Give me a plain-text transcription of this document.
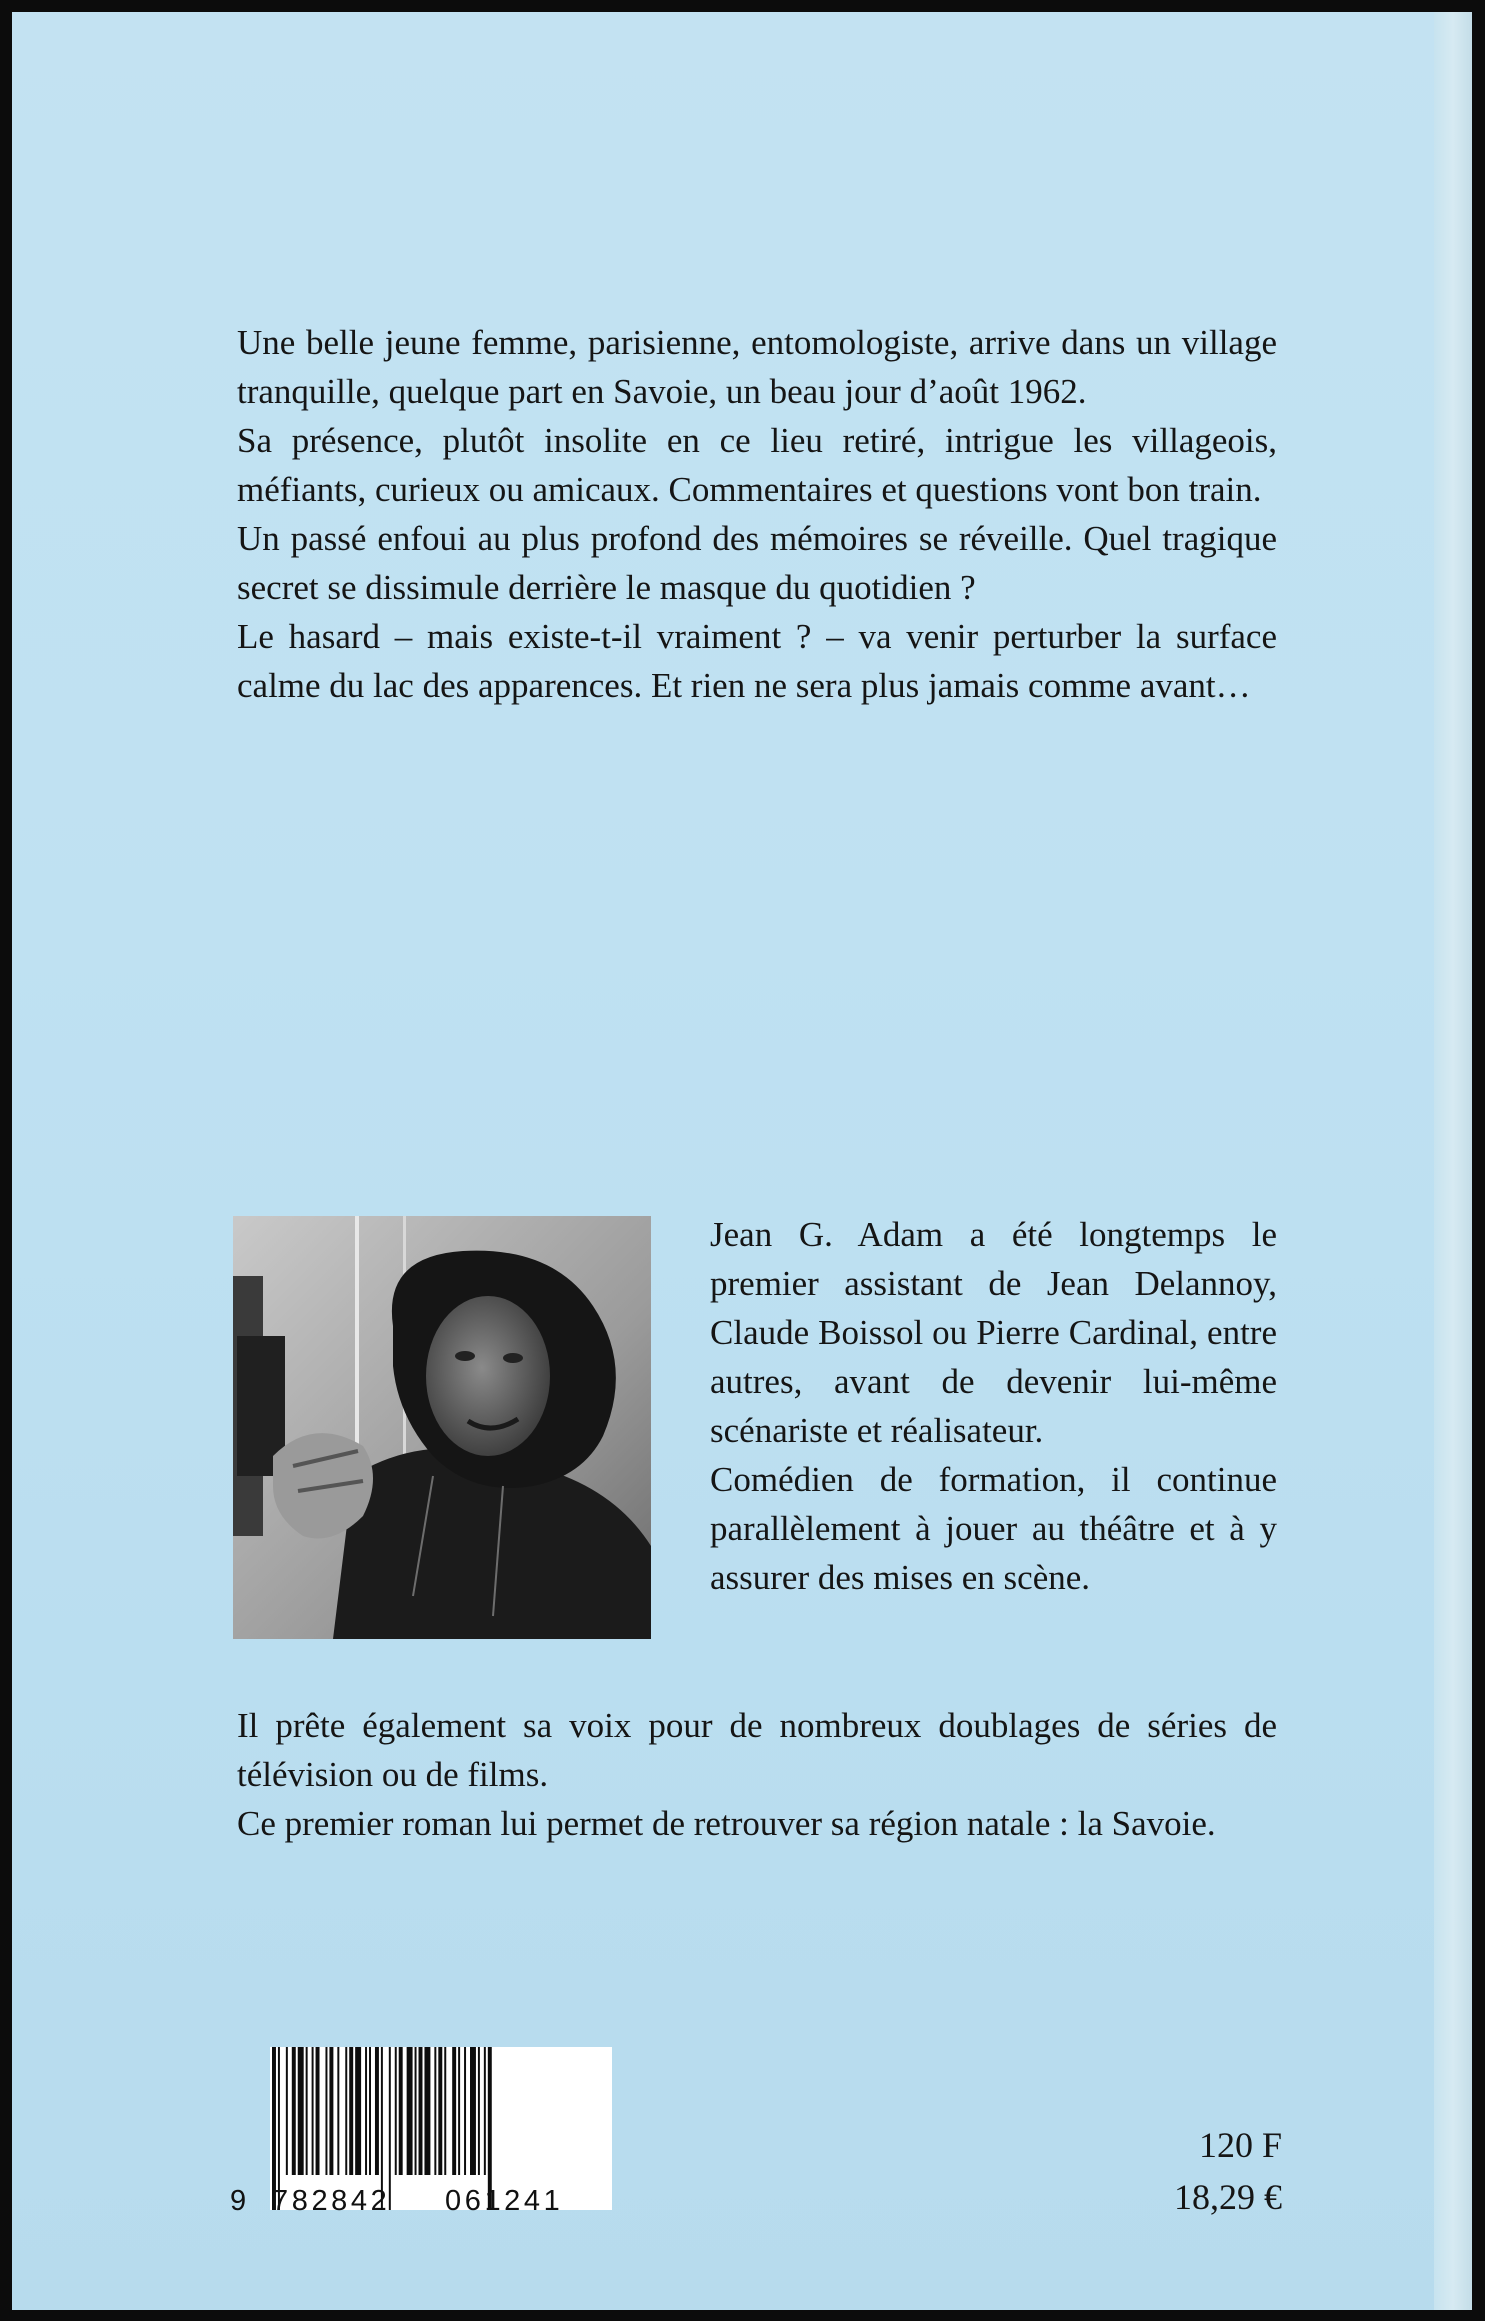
Une belle jeune femme, parisienne, entomologiste, arrive dans un village tranquille, quelque part en Savoie, un beau jour d’août 1962.

Sa présence, plutôt insolite en ce lieu retiré, intrigue les villageois, méfiants, curieux ou amicaux. Commentaires et questions vont bon train.

Un passé enfoui au plus profond des mémoires se réveille. Quel tragique secret se dissimule derrière le masque du quotidien ?

Le hasard – mais existe-t-il vraiment ? – va venir perturber la surface calme du lac des apparences. Et rien ne sera plus jamais comme avant…

Jean G. Adam a été longtemps le premier assistant de Jean Delannoy, Claude Boissol ou Pierre Cardinal, entre autres, avant de devenir lui-même scénariste et réalisateur.

Comédien de formation, il continue parallèlement à jouer au théâtre et à y assurer des mises en scène.

Il prête également sa voix pour de nombreux doublages de séries de télévision ou de films.

Ce premier roman lui permet de retrouver sa région natale : la Savoie.

9

782842

061241

120 F
18,29 €
